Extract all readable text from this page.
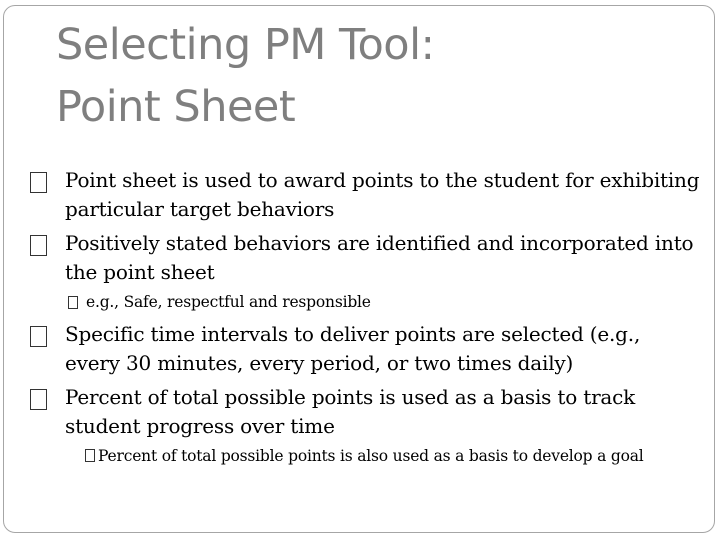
Selecting PM Tool:
Point Sheet
Point sheet is used to award points to the student for exhibiting particular target behaviors
Positively stated behaviors are identified and incorporated into the point sheet
e.g., Safe, respectful and responsible
Specific time intervals to deliver points are selected (e.g., every 30 minutes, every period, or two times daily)
Percent of total possible points is used as a basis to track student progress over time
Percent of total possible points is also used as a basis to develop a goal
